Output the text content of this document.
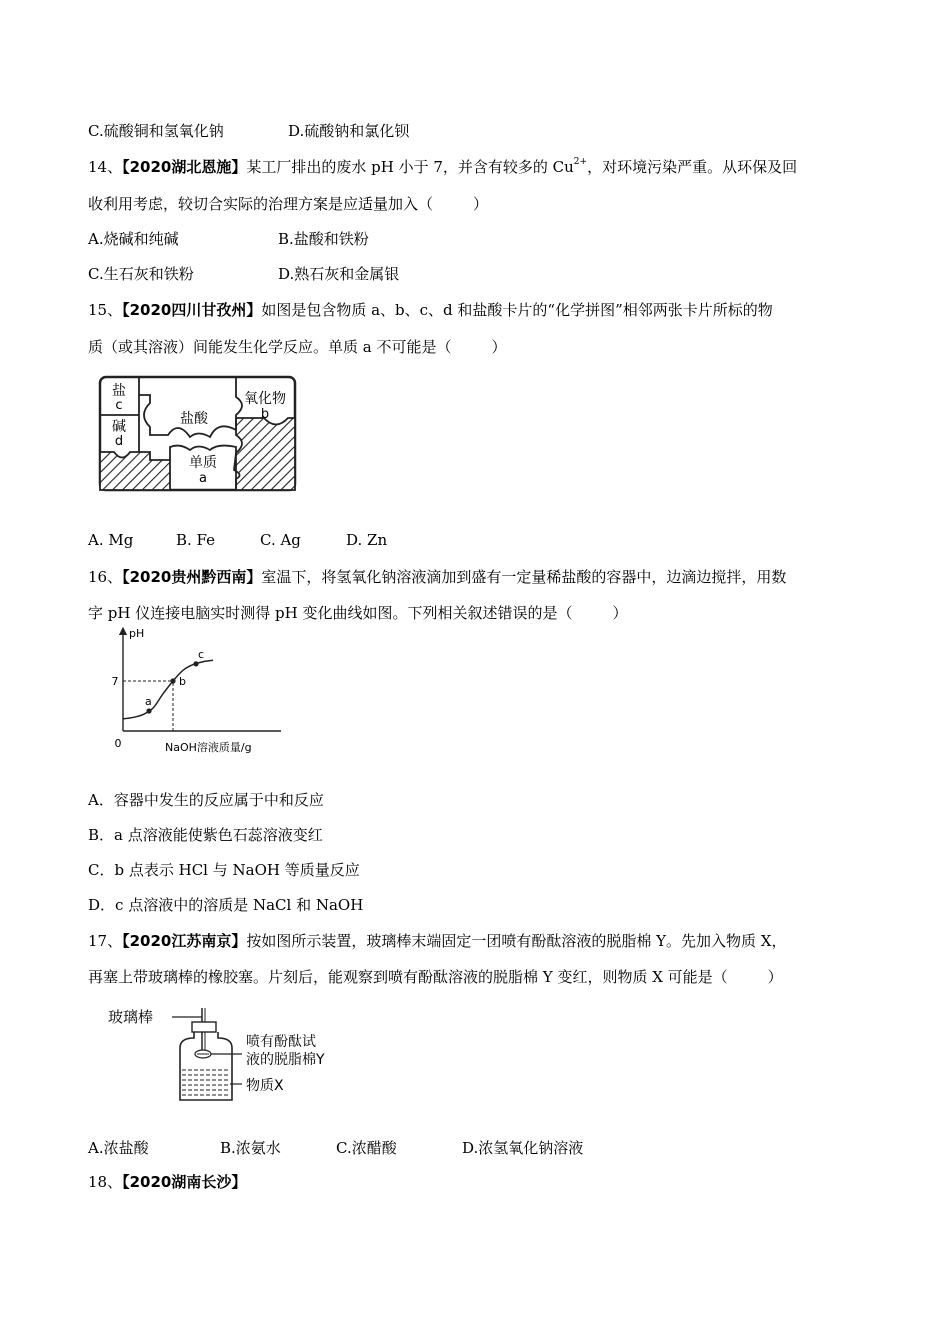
C.硫酸铜和氢氧化钠	D.硫酸钠和氯化钡
14、【2020湖北恩施】某工厂排出的废水 pH 小于 7，并含有较多的 $Cu^{2+}$，对环境污染严重。从环保及回
收利用考虑，较切合实际的治理方案是应适量加入（	）
A.烧碱和纯碱	B.盐酸和铁粉
C.生石灰和铁粉	D.熟石灰和金属银
15、【2020四川甘孜州】如图是包含物质 a、b、c、d 和盐酸卡片的“化学拼图”相邻两张卡片所标的物
质（或其溶液）间能发生化学反应。单质 a 不可能是（	）
盐
c
碱
d
盐酸
氧化物
b
单质
a
A. Mg	B. Fe	C. Ag	D. Zn
16、【2020贵州黔西南】室温下，将氢氧化钠溶液滴加到盛有一定量稀盐酸的容器中，边滴边搅拌，用数
字 pH 仪连接电脑实时测得 pH 变化曲线如图。下列相关叙述错误的是（	）
pH
0
7
NaOH溶液质量/g
a
b
c
A．容器中发生的反应属于中和反应
B．a 点溶液能使紫色石蕊溶液变红
C．b 点表示 HCl 与 NaOH 等质量反应
D．c 点溶液中的溶质是 NaCl 和 NaOH
17、【2020江苏南京】按如图所示装置，玻璃棒末端固定一团喷有酚酞溶液的脱脂棉 Y。先加入物质 X，
再塞上带玻璃棒的橡胶塞。片刻后，能观察到喷有酚酞溶液的脱脂棉 Y 变红，则物质 X 可能是（	）
玻璃棒
喷有酚酞试
液的脱脂棉Y
物质X
A.浓盐酸	B.浓氨水	C.浓醋酸	D.浓氢氧化钠溶液
18、【2020湖南长沙】
